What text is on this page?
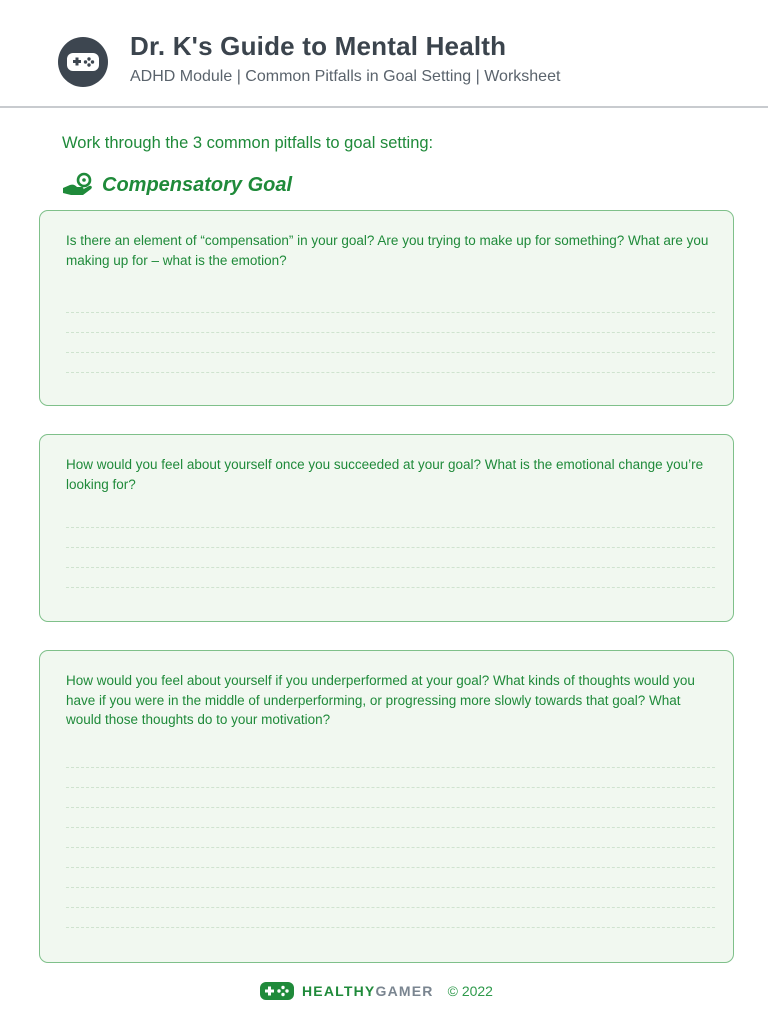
Dr. K's Guide to Mental Health
ADHD Module | Common Pitfalls in Goal Setting | Worksheet
Work through the 3 common pitfalls to goal setting:
Compensatory Goal
Is there an element of “compensation” in your goal? Are you trying to make up for something? What are you making up for – what is the emotion?
How would you feel about yourself once you succeeded at your goal? What is the emotional change you’re looking for?
How would you feel about yourself if you underperformed at your goal? What kinds of thoughts would you have if you were in the middle of underperforming, or progressing more slowly towards that goal? What would those thoughts do to your motivation?
HEALTHY GAMER © 2022
